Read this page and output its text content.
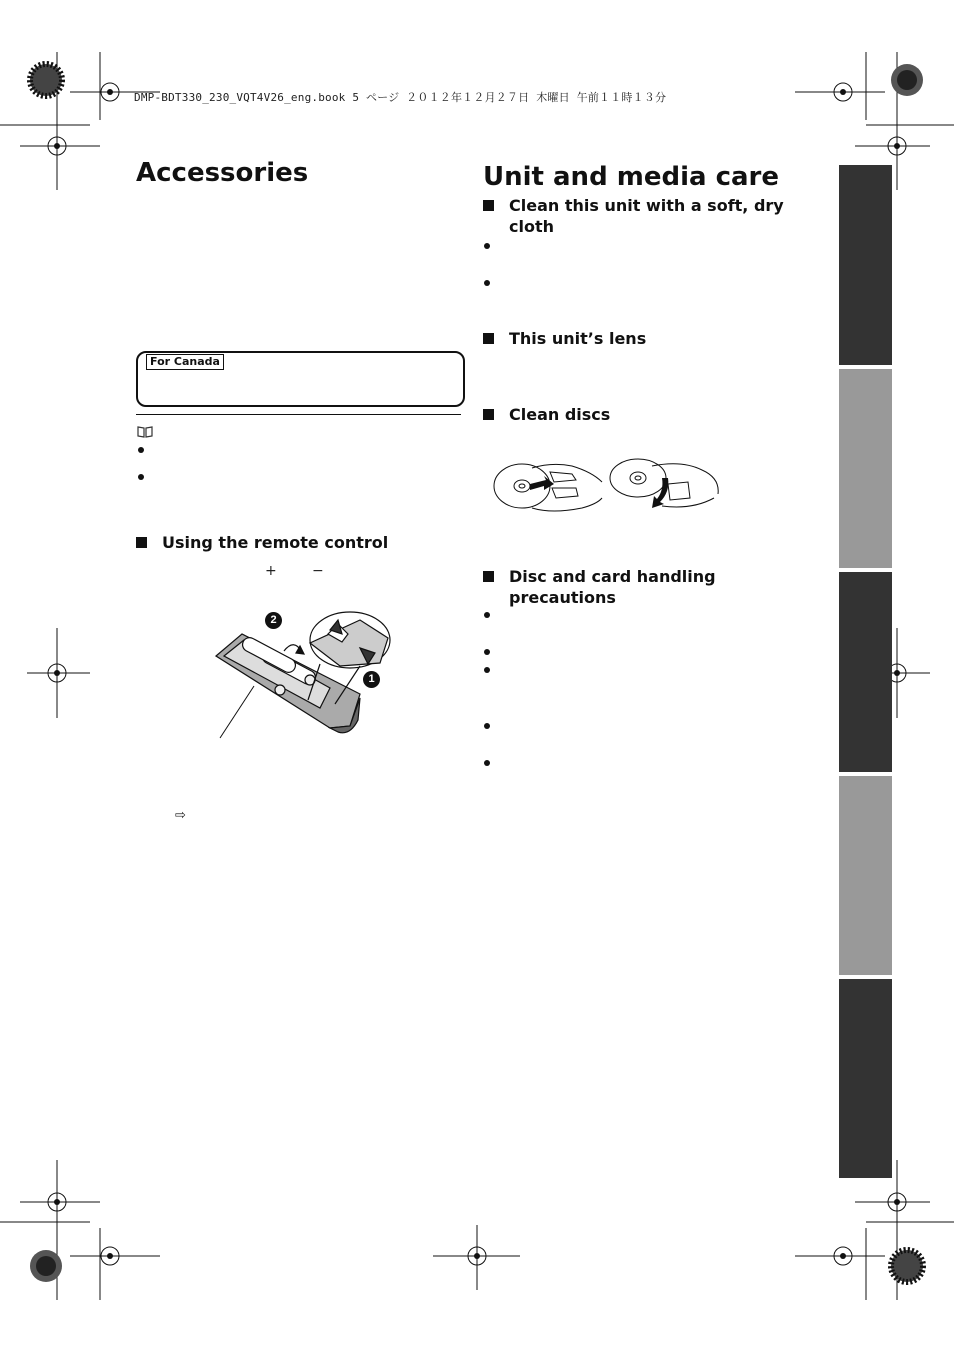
DMP-BDT330_230_VQT4V26_eng.book 5 ページ ２０１２年１２月２７日 木曜日 午前１１時１３分
Accessories
For Canada
Using the remote control
+	−
2
1
⇨
Unit and media care
Clean this unit with a soft, dry cloth
This unit’s lens
Clean discs
Disc and card handling precautions
